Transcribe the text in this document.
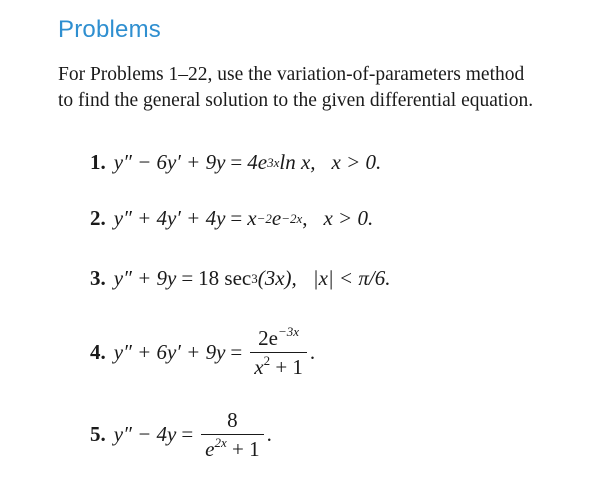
Problems
For Problems 1–22, use the variation-of-parameters method
to find the general solution to the given differential equation.
1. y″ − 6y′ + 9y = 4e 3x ln x, x > 0.
2. y″ + 4y′ + 4y = x −2 e −2x , x > 0.
3. y″ + 9y = 18 sec 3 (3x), |x| < π/6.
4. $y'' + 6y' + 9y = \frac{2e^{-3x}}{x^2 + 1}$ .
5. $y'' - 4y = \frac{8}{e^{2x} + 1}$ .
